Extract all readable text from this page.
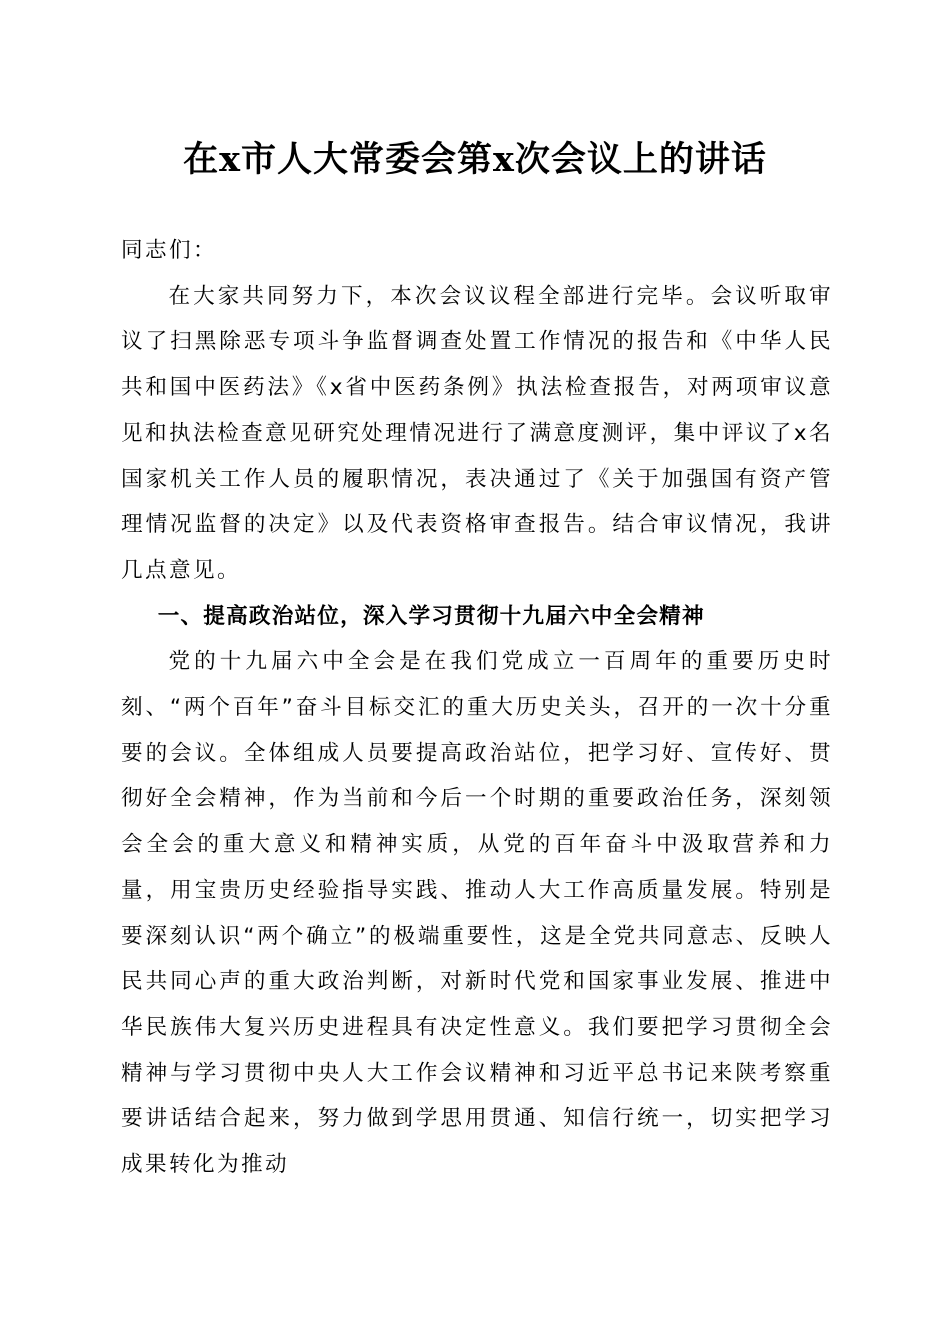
在x市人大常委会第x次会议上的讲话

同志们：

在大家共同努力下，本次会议议程全部进行完毕。会议听取审议了扫黑除恶专项斗争监督调查处置工作情况的报告和《中华人民共和国中医药法》《x省中医药条例》执法检查报告，对两项审议意见和执法检查意见研究处理情况进行了满意度测评，集中评议了x名国家机关工作人员的履职情况，表决通过了《关于加强国有资产管理情况监督的决定》以及代表资格审查报告。结合审议情况，我讲几点意见。

一、提高政治站位，深入学习贯彻十九届六中全会精神

党的十九届六中全会是在我们党成立一百周年的重要历史时刻、“两个百年”奋斗目标交汇的重大历史关头，召开的一次十分重要的会议。全体组成人员要提高政治站位，把学习好、宣传好、贯彻好全会精神，作为当前和今后一个时期的重要政治任务，深刻领会全会的重大意义和精神实质，从党的百年奋斗中汲取营养和力量，用宝贵历史经验指导实践、推动人大工作高质量发展。特别是要深刻认识“两个确立”的极端重要性，这是全党共同意志、反映人民共同心声的重大政治判断，对新时代党和国家事业发展、推进中华民族伟大复兴历史进程具有决定性意义。我们要把学习贯彻全会精神与学习贯彻中央人大工作会议精神和习近平总书记来陕考察重要讲话结合起来，努力做到学思用贯通、知信行统一，切实把学习成果转化为推动
